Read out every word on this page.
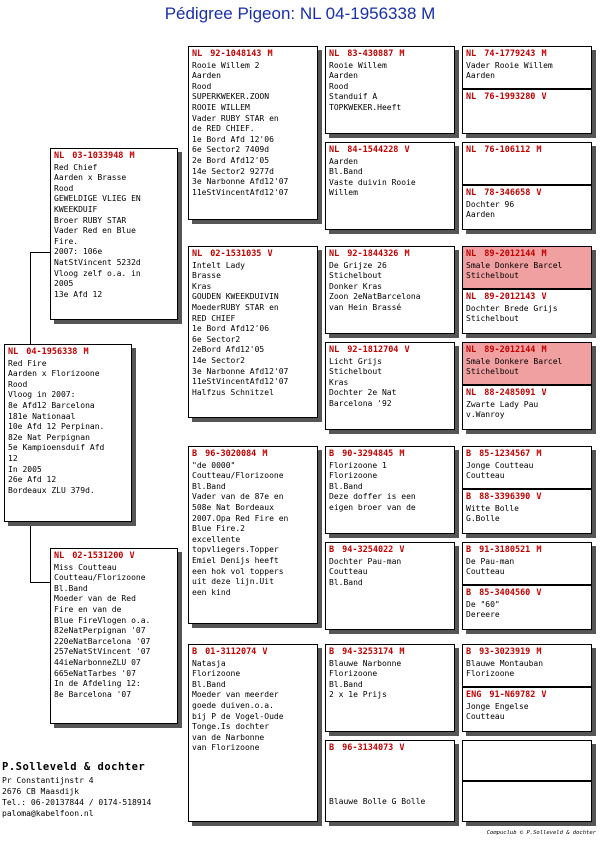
Pédigree Pigeon: NL 04-1956338 M
NL 04-1956338 M
Red Fire
Aarden x Florizoone
Rood
Vloog in 2007:
8e Afd12 Barcelona
181e Nationaal
10e Afd 12 Perpinan.
82e Nat Perpignan
5e Kampioensduif Afd
12
In 2005
26e Afd 12
Bordeaux ZLU 379d.
NL 03-1033948 M
Red Chief
Aarden x Brasse
Rood
GEWELDIGE VLIEG EN
KWEEKDUIF
Broer RUBY STAR
Vader Red en Blue
Fire.
2007: 106e
NatStVincent 5232d
Vloog zelf o.a. in
2005
13e Afd 12
NL 02-1531200 V
Miss Coutteau
Coutteau/Florizoone
Bl.Band
Moeder van de Red
Fire en van de
Blue FireVlogen o.a.
82eNatPerpignan '07
220eNatBarcelona '07
257eNatStVincent '07
44ieNarbonneZLU 07
665eNatTarbes '07
In de Afdeling 12:
8e Barcelona '07
NL 92-1048143 M
Rooie Willem 2
Aarden
Rood
SUPERKWEKER.ZOON
ROOIE WILLEM
Vader RUBY STAR en
de RED CHIEF.
1e Bord Afd 12'06
6e Sector2 7409d
2e Bord Afd12'05
14e Sector2 9277d
3e Narbonne Afd12'07
11eStVincentAfd12'07
NL 02-1531035 V
Intelt Lady
Brasse
Kras
GOUDEN KWEEKDUIVIN
MoederRUBY STAR en
RED CHIEF
1e Bord Afd12'06
6e Sector2
2eBord Afd12'05
14e Sector2
3e Narbonne Afd12'07
11eStVincentAfd12'07
Halfzus Schnitzel
B 96-3020084 M
"de 0000"
Coutteau/Florizoone
Bl.Band
Vader van de 87e en
508e Nat Bordeaux
2007.Opa Red Fire en
Blue Fire.2
excellente
topvliegers.Topper
Emiel Denijs heeft
een hok vol toppers
uit deze lijn.Uit
een kind
B 01-3112074 V
Natasja
Florizoone
Bl.Band
Moeder van meerder
goede duiven.o.a.
bij P de Vogel-Oude
Tonge.Is dochter
van de Narbonne
van Florizoone
NL 83-430887 M
Rooie Willem
Aarden
Rood
Standuif A
TOPKWEKER.Heeft
NL 84-1544228 V
Aarden
Bl.Band
Vaste duivin Rooie
Willem
NL 92-1844326 M
De Grijze 26
Stichelbout
Donker Kras
Zoon 2eNatBarcelona
van Hein Brassé
NL 92-1812704 V
Licht Grijs
Stichelbout
Kras
Dochter 2e Nat
Barcelona '92
B 90-3294845 M
Florizoone 1
Florizoone
Bl.Band
Deze doffer is een
eigen broer van de
B 94-3254022 V
Dochter Pau-man
Coutteau
Bl.Band
B 94-3253174 M
Blauwe Narbonne
Florizoone
Bl.Band
2 x 1e Prijs
B 96-3134073 V

Blauwe Bolle G Bolle
NL 74-1779243 M
Vader Rooie Willem
Aarden
NL 76-1993280 V
NL 76-106112 M
NL 78-346658 V
Dochter 96
Aarden
NL 89-2012144 M
Smale Donkere Barcel
Stichelbout
NL 89-2012143 V
Dochter Brede Grijs
Stichelbout
NL 89-2012144 M
Smale Donkere Barcel
Stichelbout
NL 88-2485091 V
Zwarte Lady Pau
v.Wanroy
B 85-1234567 M
Jonge Coutteau
Coutteau
B 88-3396390 V
Witte Bolle
G.Bolle
B 91-3180521 M
De Pau-man
Coutteau
B 85-3404560 V
De "60"
Dereere
B 93-3023919 M
Blauwe Montauban
Florizoone
ENG 91-N69782 V
Jonge Engelse
Coutteau
P.Solleveld & dochter
Pr Constantijnstr 4
2676 CB Maasdijk
Tel.: 06-20137844 / 0174-518914
paloma@kabelfoon.nl
Compuclub © P.Solleveld & dochter
